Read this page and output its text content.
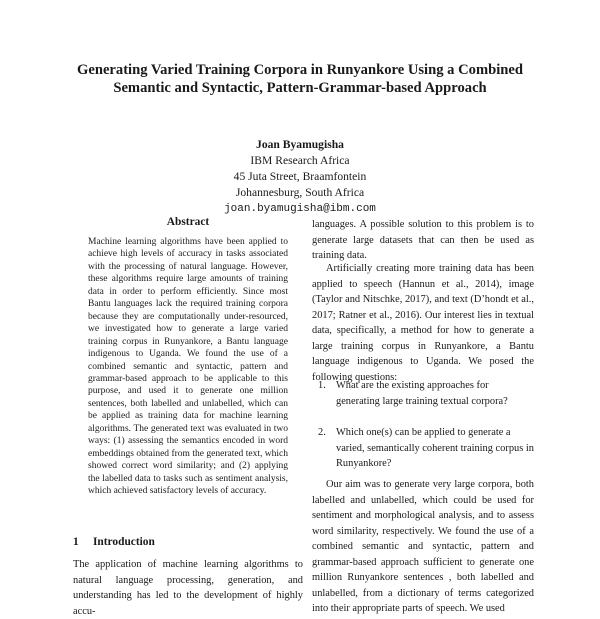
Generating Varied Training Corpora in Runyankore Using a Combined
Semantic and Syntactic, Pattern-Grammar-based Approach
Joan Byamugisha
IBM Research Africa
45 Juta Street, Braamfontein
Johannesburg, South Africa
joan.byamugisha@ibm.com
Abstract
Machine learning algorithms have been applied to achieve high levels of accuracy in tasks associated with the processing of natural language. However, these algorithms require large amounts of training data in order to perform efficiently. Since most Bantu languages lack the required training corpora because they are computationally under-resourced, we investigated how to generate a large varied training corpus in Runyankore, a Bantu language indigenous to Uganda. We found the use of a combined semantic and syntactic, pattern and grammar-based approach to be applicable to this purpose, and used it to generate one million sentences, both labelled and unlabelled, which can be applied as training data for machine learning algorithms. The generated text was evaluated in two ways: (1) assessing the semantics encoded in word embeddings obtained from the generated text, which showed correct word similarity; and (2) applying the labelled data to tasks such as sentiment analysis, which achieved satisfactory levels of accuracy.
1 Introduction
The application of machine learning algorithms to natural language processing, generation, and understanding has led to the development of highly accu-
languages. A possible solution to this problem is to generate large datasets that can then be used as training data.
Artificially creating more training data has been applied to speech (Hannun et al., 2014), image (Taylor and Nitschke, 2017), and text (D’hondt et al., 2017; Ratner et al., 2016). Our interest lies in textual data, specifically, a method for how to generate a large training corpus in Runyankore, a Bantu language indigenous to Uganda. We posed the following questions:
1. What are the existing approaches for generating large training textual corpora?
2. Which one(s) can be applied to generate a varied, semantically coherent training corpus in Runyankore?
Our aim was to generate very large corpora, both labelled and unlabelled, which could be used for sentiment and morphological analysis, and to assess word similarity, respectively. We found the use of a combined semantic and syntactic, pattern and grammar-based approach sufficient to generate one million Runyankore sentences , both labelled and unlabelled, from a dictionary of terms categorized into their appropriate parts of speech. We used
